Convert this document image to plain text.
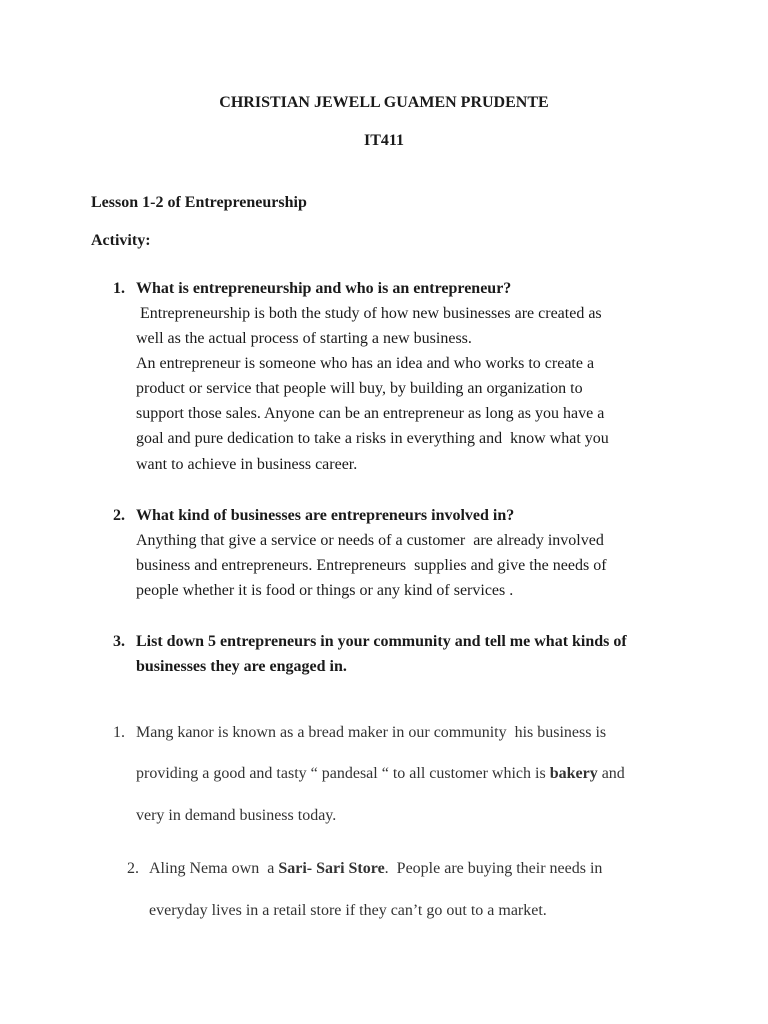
CHRISTIAN JEWELL GUAMEN PRUDENTE
IT411
Lesson 1-2 of Entrepreneurship
Activity:
1. What is entrepreneurship and who is an entrepreneur?
Entrepreneurship is both the study of how new businesses are created as
well as the actual process of starting a new business.
An entrepreneur is someone who has an idea and who works to create a
product or service that people will buy, by building an organization to
support those sales. Anyone can be an entrepreneur as long as you have a
goal and pure dedication to take a risks in everything and  know what you
want to achieve in business career.
2. What kind of businesses are entrepreneurs involved in?
Anything that give a service or needs of a customer  are already involved
business and entrepreneurs. Entrepreneurs  supplies and give the needs of
people whether it is food or things or any kind of services .
3. List down 5 entrepreneurs in your community and tell me what kinds of
businesses they are engaged in.
1. Mang kanor is known as a bread maker in our community  his business is
providing a good and tasty “ pandesal “ to all customer which is bakery and
very in demand business today.
2. Aling Nema own  a Sari- Sari Store.  People are buying their needs in
everyday lives in a retail store if they can’t go out to a market.
